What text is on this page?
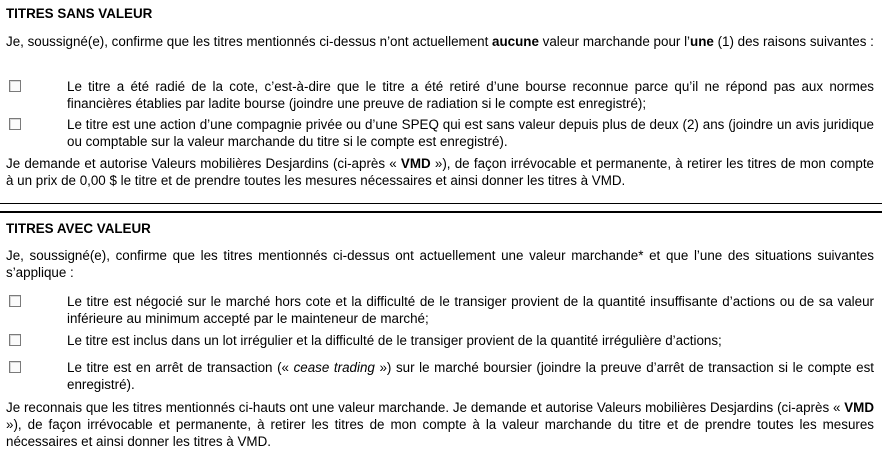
TITRES SANS VALEUR
Je, soussigné(e), confirme que les titres mentionnés ci-dessus n’ont actuellement aucune valeur marchande pour l’une (1) des raisons suivantes :
Le titre a été radié de la cote, c’est-à-dire que le titre a été retiré d’une bourse reconnue parce qu’il ne répond pas aux normes financières établies par ladite bourse (joindre une preuve de radiation si le compte est enregistré);
Le titre est une action d’une compagnie privée ou d’une SPEQ qui est sans valeur depuis plus de deux (2) ans (joindre un avis juridique ou comptable sur la valeur marchande du titre si le compte est enregistré).
Je demande et autorise Valeurs mobilières Desjardins (ci-après « VMD »), de façon irrévocable et permanente, à retirer les titres de mon compte à un prix de 0,00 $ le titre et de prendre toutes les mesures nécessaires et ainsi donner les titres à VMD.
TITRES AVEC VALEUR
Je, soussigné(e), confirme que les titres mentionnés ci-dessus ont actuellement une valeur marchande* et que l’une des situations suivantes s’applique :
Le titre est négocié sur le marché hors cote et la difficulté de le transiger provient de la quantité insuffisante d’actions ou de sa valeur inférieure au minimum accepté par le mainteneur de marché;
Le titre est inclus dans un lot irrégulier et la difficulté de le transiger provient de la quantité irrégulière d’actions;
Le titre est en arrêt de transaction (« cease trading ») sur le marché boursier (joindre la preuve d’arrêt de transaction si le compte est enregistré).
Je reconnais que les titres mentionnés ci-hauts ont une valeur marchande. Je demande et autorise Valeurs mobilières Desjardins (ci-après « VMD »), de façon irrévocable et permanente, à retirer les titres de mon compte à la valeur marchande du titre et de prendre toutes les mesures nécessaires et ainsi donner les titres à VMD.
